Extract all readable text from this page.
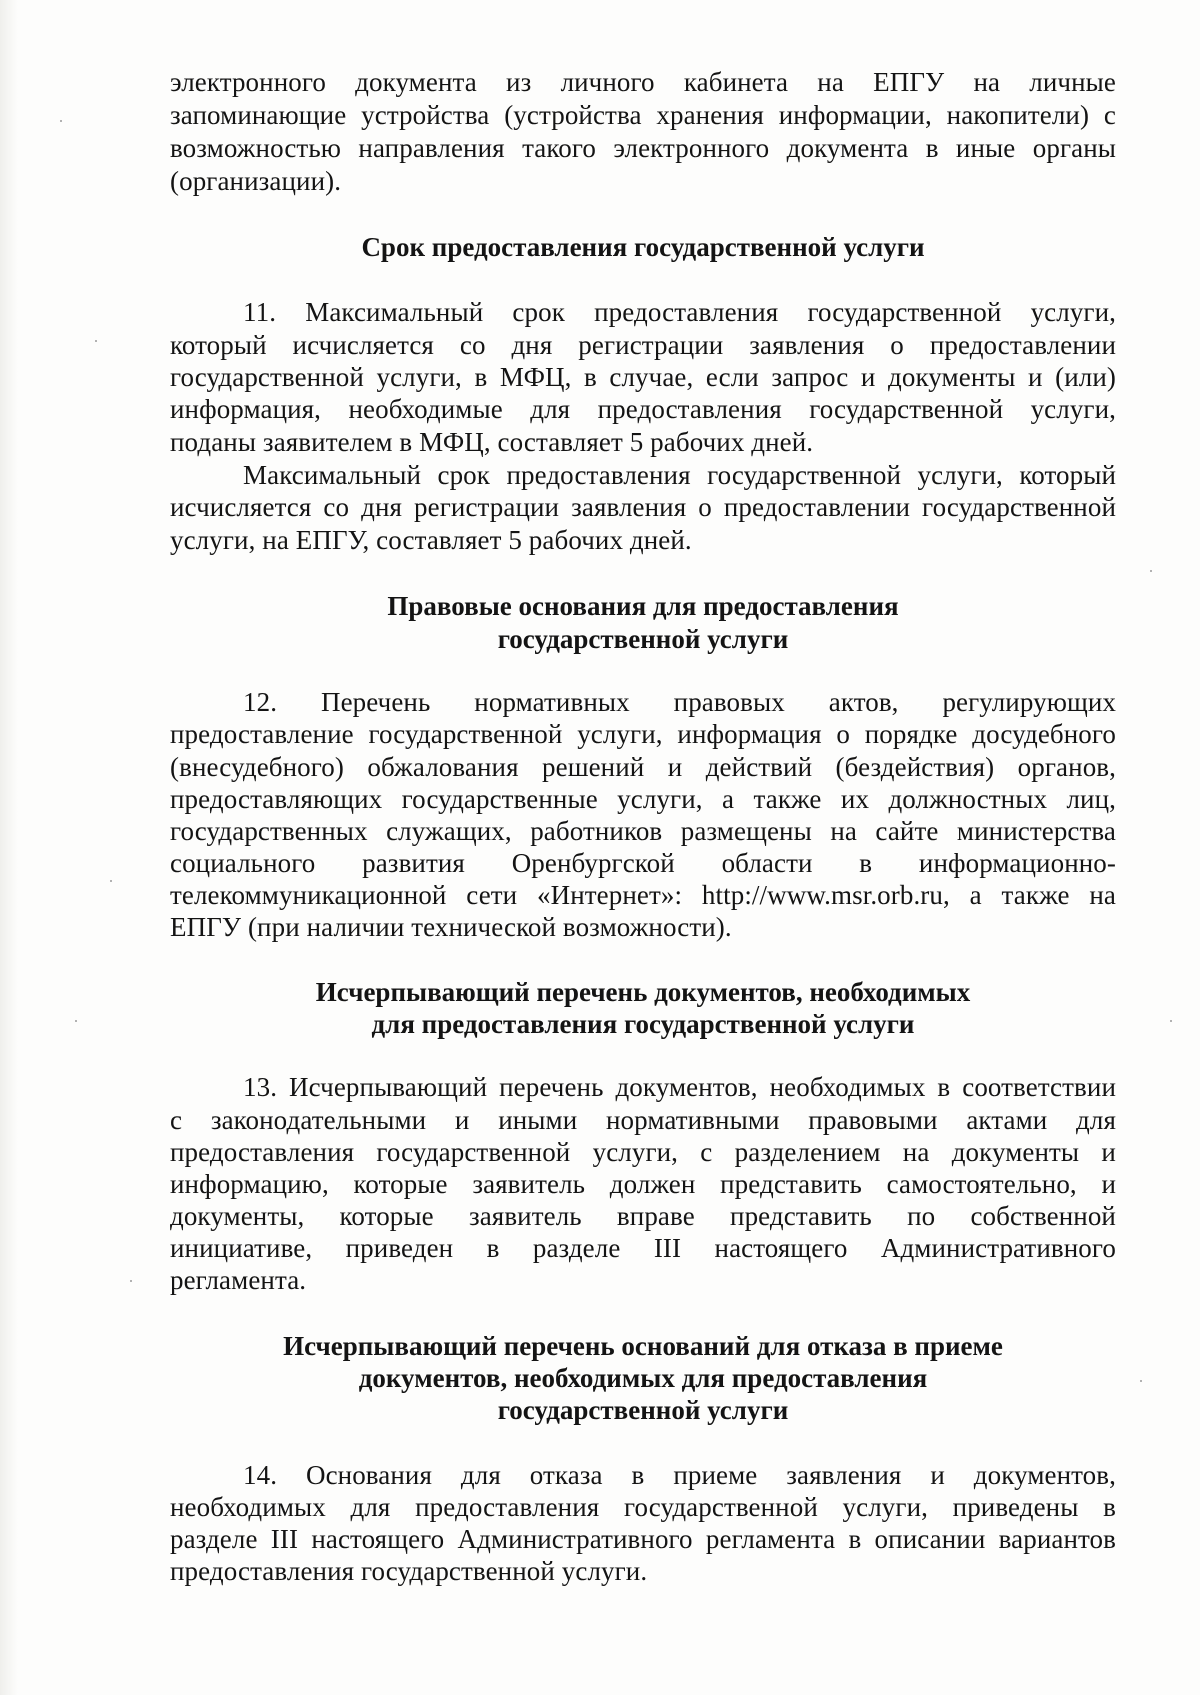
электронного документа из личного кабинета на ЕПГУ на личные
запоминающие устройства (устройства хранения информации, накопители) с
возможностью направления такого электронного документа в иные органы
(организации).
Срок предоставления государственной услуги
11. Максимальный срок предоставления государственной услуги,
который исчисляется со дня регистрации заявления о предоставлении
государственной услуги, в МФЦ, в случае, если запрос и документы и (или)
информация, необходимые для предоставления государственной услуги,
поданы заявителем в МФЦ, составляет 5 рабочих дней.
Максимальный срок предоставления государственной услуги, который
исчисляется со дня регистрации заявления о предоставлении государственной
услуги, на ЕПГУ, составляет 5 рабочих дней.
Правовые основания для предоставления
государственной услуги
12. Перечень нормативных правовых актов, регулирующих
предоставление государственной услуги, информация о порядке досудебного
(внесудебного) обжалования решений и действий (бездействия) органов,
предоставляющих государственные услуги, а также их должностных лиц,
государственных служащих, работников размещены на сайте министерства
социального развития Оренбургской области в информационно-
телекоммуникационной сети «Интернет»: http://www.msr.orb.ru, а также на
ЕПГУ (при наличии технической возможности).
Исчерпывающий перечень документов, необходимых
для предоставления государственной услуги
13. Исчерпывающий перечень документов, необходимых в соответствии
с законодательными и иными нормативными правовыми актами для
предоставления государственной услуги, с разделением на документы и
информацию, которые заявитель должен представить самостоятельно, и
документы, которые заявитель вправе представить по собственной
инициативе, приведен в разделе III настоящего Административного
регламента.
Исчерпывающий перечень оснований для отказа в приеме
документов, необходимых для предоставления
государственной услуги
14. Основания для отказа в приеме заявления и документов,
необходимых для предоставления государственной услуги, приведены в
разделе III настоящего Административного регламента в описании вариантов
предоставления государственной услуги.
